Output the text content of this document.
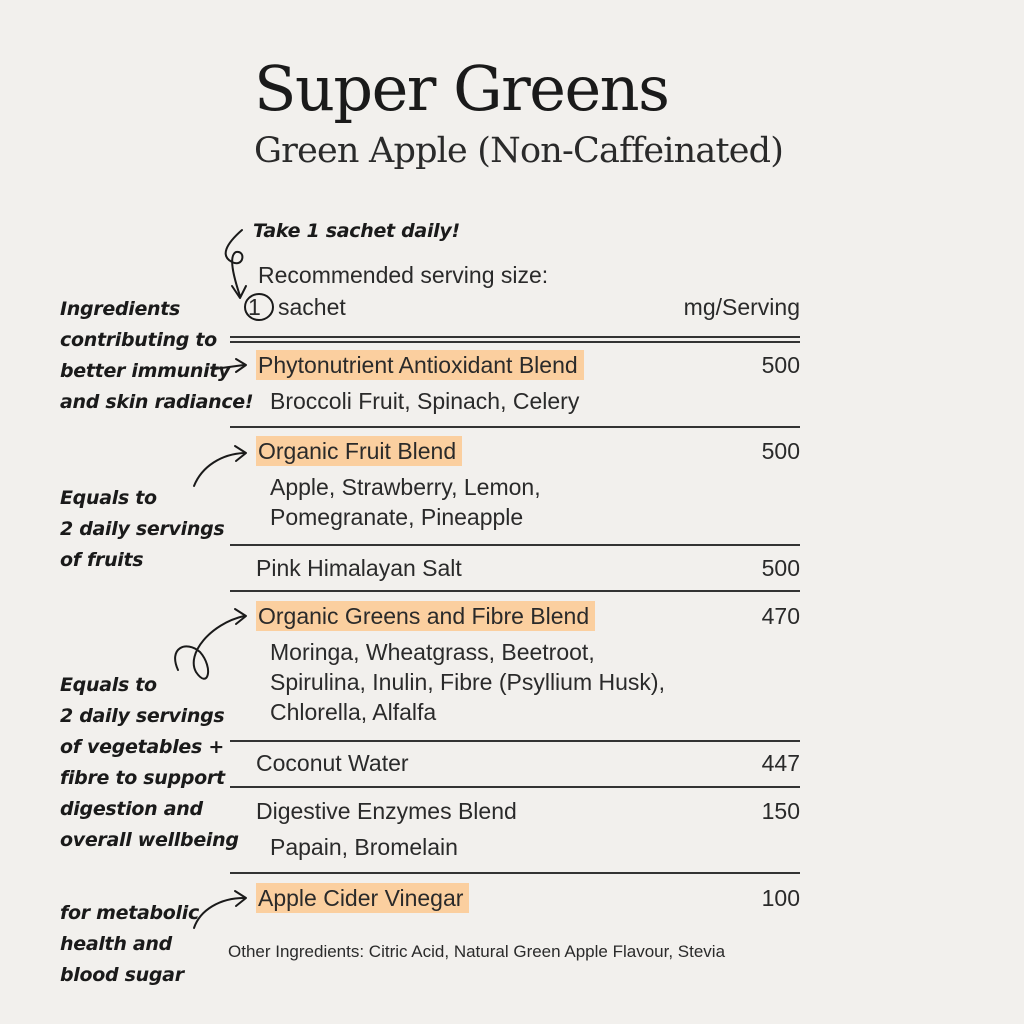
Super Greens
Green Apple (Non-Caffeinated)
Take 1 sachet daily!
Recommended serving size:
1 sachet	mg/Serving
Phytonutrient Antioxidant Blend	500
Broccoli Fruit, Spinach, Celery
Organic Fruit Blend	500
Apple, Strawberry, Lemon,
Pomegranate, Pineapple
Pink Himalayan Salt	500
Organic Greens and Fibre Blend	470
Moringa, Wheatgrass, Beetroot,
Spirulina, Inulin, Fibre (Psyllium Husk),
Chlorella, Alfalfa
Coconut Water	447
Digestive Enzymes Blend	150
Papain, Bromelain
Apple Cider Vinegar	100
Other Ingredients: Citric Acid, Natural Green Apple Flavour, Stevia
Ingredients
contributing to
better immunity
and skin radiance!
Equals to
2 daily servings
of fruits
Equals to
2 daily servings
of vegetables +
fibre to support
digestion and
overall wellbeing
for metabolic
health and
blood sugar
